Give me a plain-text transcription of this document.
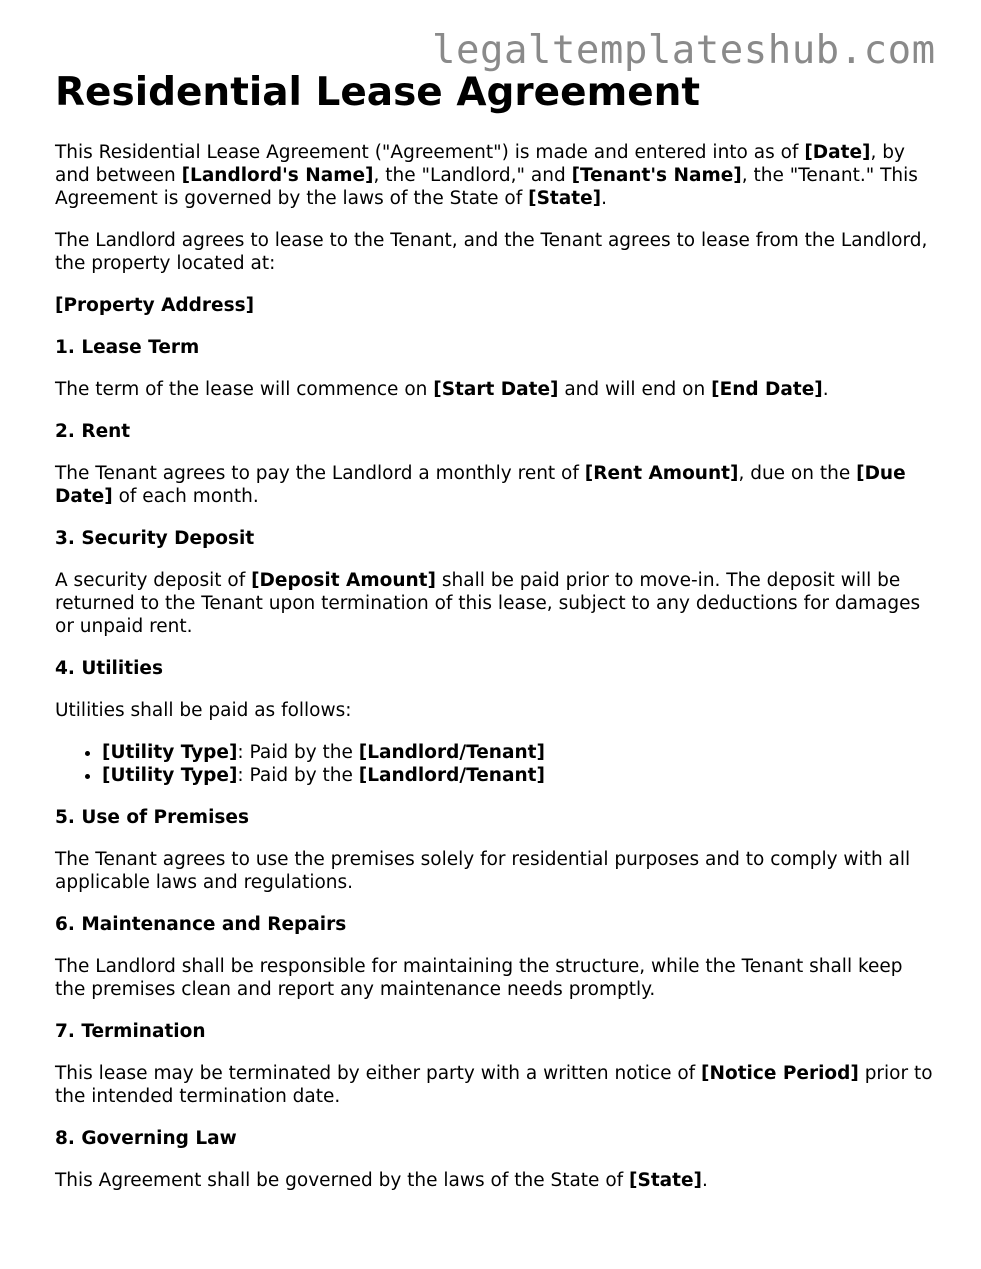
legaltemplateshub.com
Residential Lease Agreement

This Residential Lease Agreement ("Agreement") is made and entered into as of [Date], by and between [Landlord's Name], the "Landlord," and [Tenant's Name], the "Tenant." This Agreement is governed by the laws of the State of [State].

The Landlord agrees to lease to the Tenant, and the Tenant agrees to lease from the Landlord, the property located at:

[Property Address]

1. Lease Term

The term of the lease will commence on [Start Date] and will end on [End Date].

2. Rent

The Tenant agrees to pay the Landlord a monthly rent of [Rent Amount], due on the [Due Date] of each month.

3. Security Deposit

A security deposit of [Deposit Amount] shall be paid prior to move-in. The deposit will be returned to the Tenant upon termination of this lease, subject to any deductions for damages or unpaid rent.

4. Utilities

Utilities shall be paid as follows:

• [Utility Type]: Paid by the [Landlord/Tenant]
• [Utility Type]: Paid by the [Landlord/Tenant]
5. Use of Premises

The Tenant agrees to use the premises solely for residential purposes and to comply with all applicable laws and regulations.

6. Maintenance and Repairs

The Landlord shall be responsible for maintaining the structure, while the Tenant shall keep the premises clean and report any maintenance needs promptly.

7. Termination

This lease may be terminated by either party with a written notice of [Notice Period] prior to the intended termination date.

8. Governing Law

This Agreement shall be governed by the laws of the State of [State].
